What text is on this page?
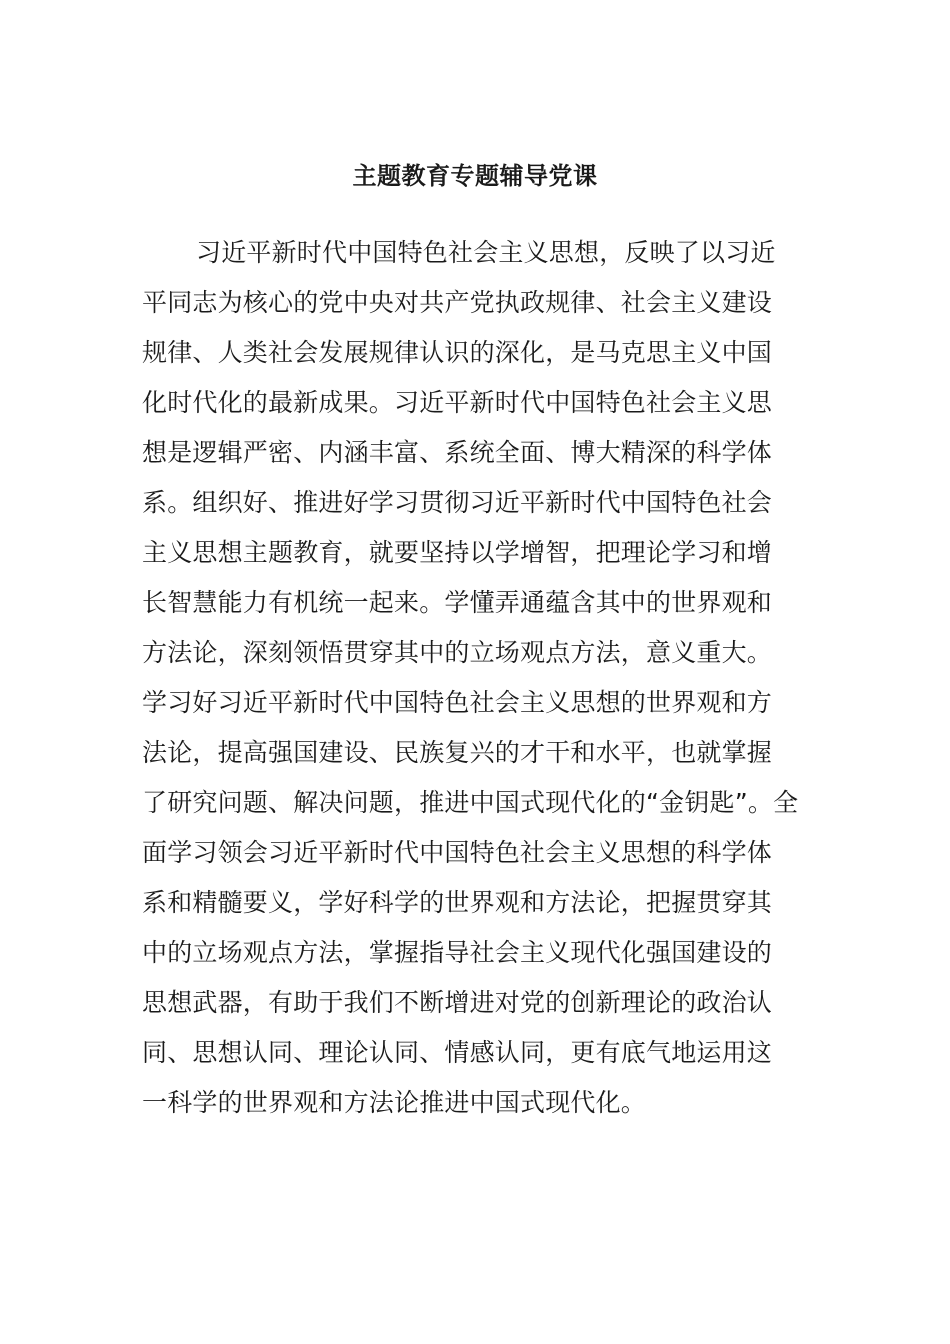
主题教育专题辅导党课
习近平新时代中国特色社会主义思想，反映了以习近
平同志为核心的党中央对共产党执政规律、社会主义建设
规律、人类社会发展规律认识的深化，是马克思主义中国
化时代化的最新成果。习近平新时代中国特色社会主义思
想是逻辑严密、内涵丰富、系统全面、博大精深的科学体
系。组织好、推进好学习贯彻习近平新时代中国特色社会
主义思想主题教育，就要坚持以学增智，把理论学习和增
长智慧能力有机统一起来。学懂弄通蕴含其中的世界观和
方法论，深刻领悟贯穿其中的立场观点方法，意义重大。
学习好习近平新时代中国特色社会主义思想的世界观和方
法论，提高强国建设、民族复兴的才干和水平，也就掌握
了研究问题、解决问题，推进中国式现代化的“金钥匙”。全
面学习领会习近平新时代中国特色社会主义思想的科学体
系和精髓要义，学好科学的世界观和方法论，把握贯穿其
中的立场观点方法，掌握指导社会主义现代化强国建设的
思想武器，有助于我们不断增进对党的创新理论的政治认
同、思想认同、理论认同、情感认同，更有底气地运用这
一科学的世界观和方法论推进中国式现代化。
